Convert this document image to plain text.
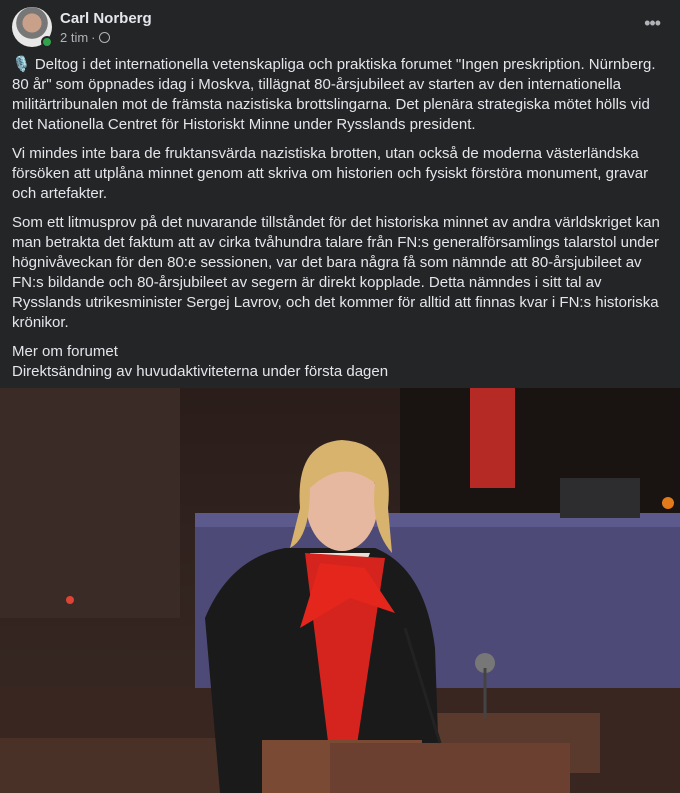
Carl Norberg
2 tim ·
•••

🎙️ Deltog i det internationella vetenskapliga och praktiska forumet "Ingen preskription. Nürnberg. 80 år" som öppnades idag i Moskva, tillägnat 80-årsjubileet av starten av den internationella militärtribunalen mot de främsta nazistiska brottslingarna. Det plenära strategiska mötet hölls vid det Nationella Centret för Historiskt Minne under Rysslands president.

Vi mindes inte bara de fruktansvärda nazistiska brotten, utan också de moderna västerländska försöken att utplåna minnet genom att skriva om historien och fysiskt förstöra monument, gravar och artefakter.

Som ett litmusprov på det nuvarande tillståndet för det historiska minnet av andra världskriget kan man betrakta det faktum att av cirka tvåhundra talare från FN:s generalförsamlings talarstol under högnivåveckan för den 80:e sessionen, var det bara några få som nämnde att 80-årsjubileet av FN:s bildande och 80-årsjubileet av segern är direkt kopplade. Detta nämndes i sitt tal av Rysslands utrikesminister Sergej Lavrov, och det kommer för alltid att finnas kvar i FN:s historiska krönikor.

Mer om forumet
Direktsändning av huvudaktiviteterna under första dagen
